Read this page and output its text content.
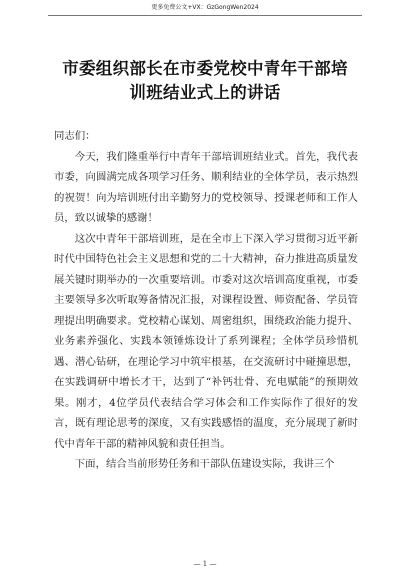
更多免费公文+VX：GzGongWen2024
市委组织部长在市委党校中青年干部培训班结业式上的讲话

同志们：

今天，我们隆重举行中青年干部培训班结业式。首先，我代表市委，向圆满完成各项学习任务、顺利结业的全体学员，表示热烈的祝贺！向为培训班付出辛勤努力的党校领导、授课老师和工作人员，致以诚挚的感谢！

这次中青年干部培训班，是在全市上下深入学习贯彻习近平新时代中国特色社会主义思想和党的二十大精神，奋力推进高质量发展关键时期举办的一次重要培训。市委对这次培训高度重视，市委主要领导多次听取筹备情况汇报，对课程设置、师资配备、学员管理提出明确要求。党校精心谋划、周密组织，围绕政治能力提升、业务素养强化、实践本领锤炼设计了系列课程；全体学员珍惜机遇、潜心钻研，在理论学习中筑牢根基，在交流研讨中碰撞思想，在实践调研中增长才干，达到了“补钙壮骨、充电赋能”的预期效果。刚才，4位学员代表结合学习体会和工作实际作了很好的发言，既有理论思考的深度，又有实践感悟的温度，充分展现了新时代中青年干部的精神风貌和责任担当。

下面，结合当前形势任务和干部队伍建设实际，我讲三个

— 1 —
